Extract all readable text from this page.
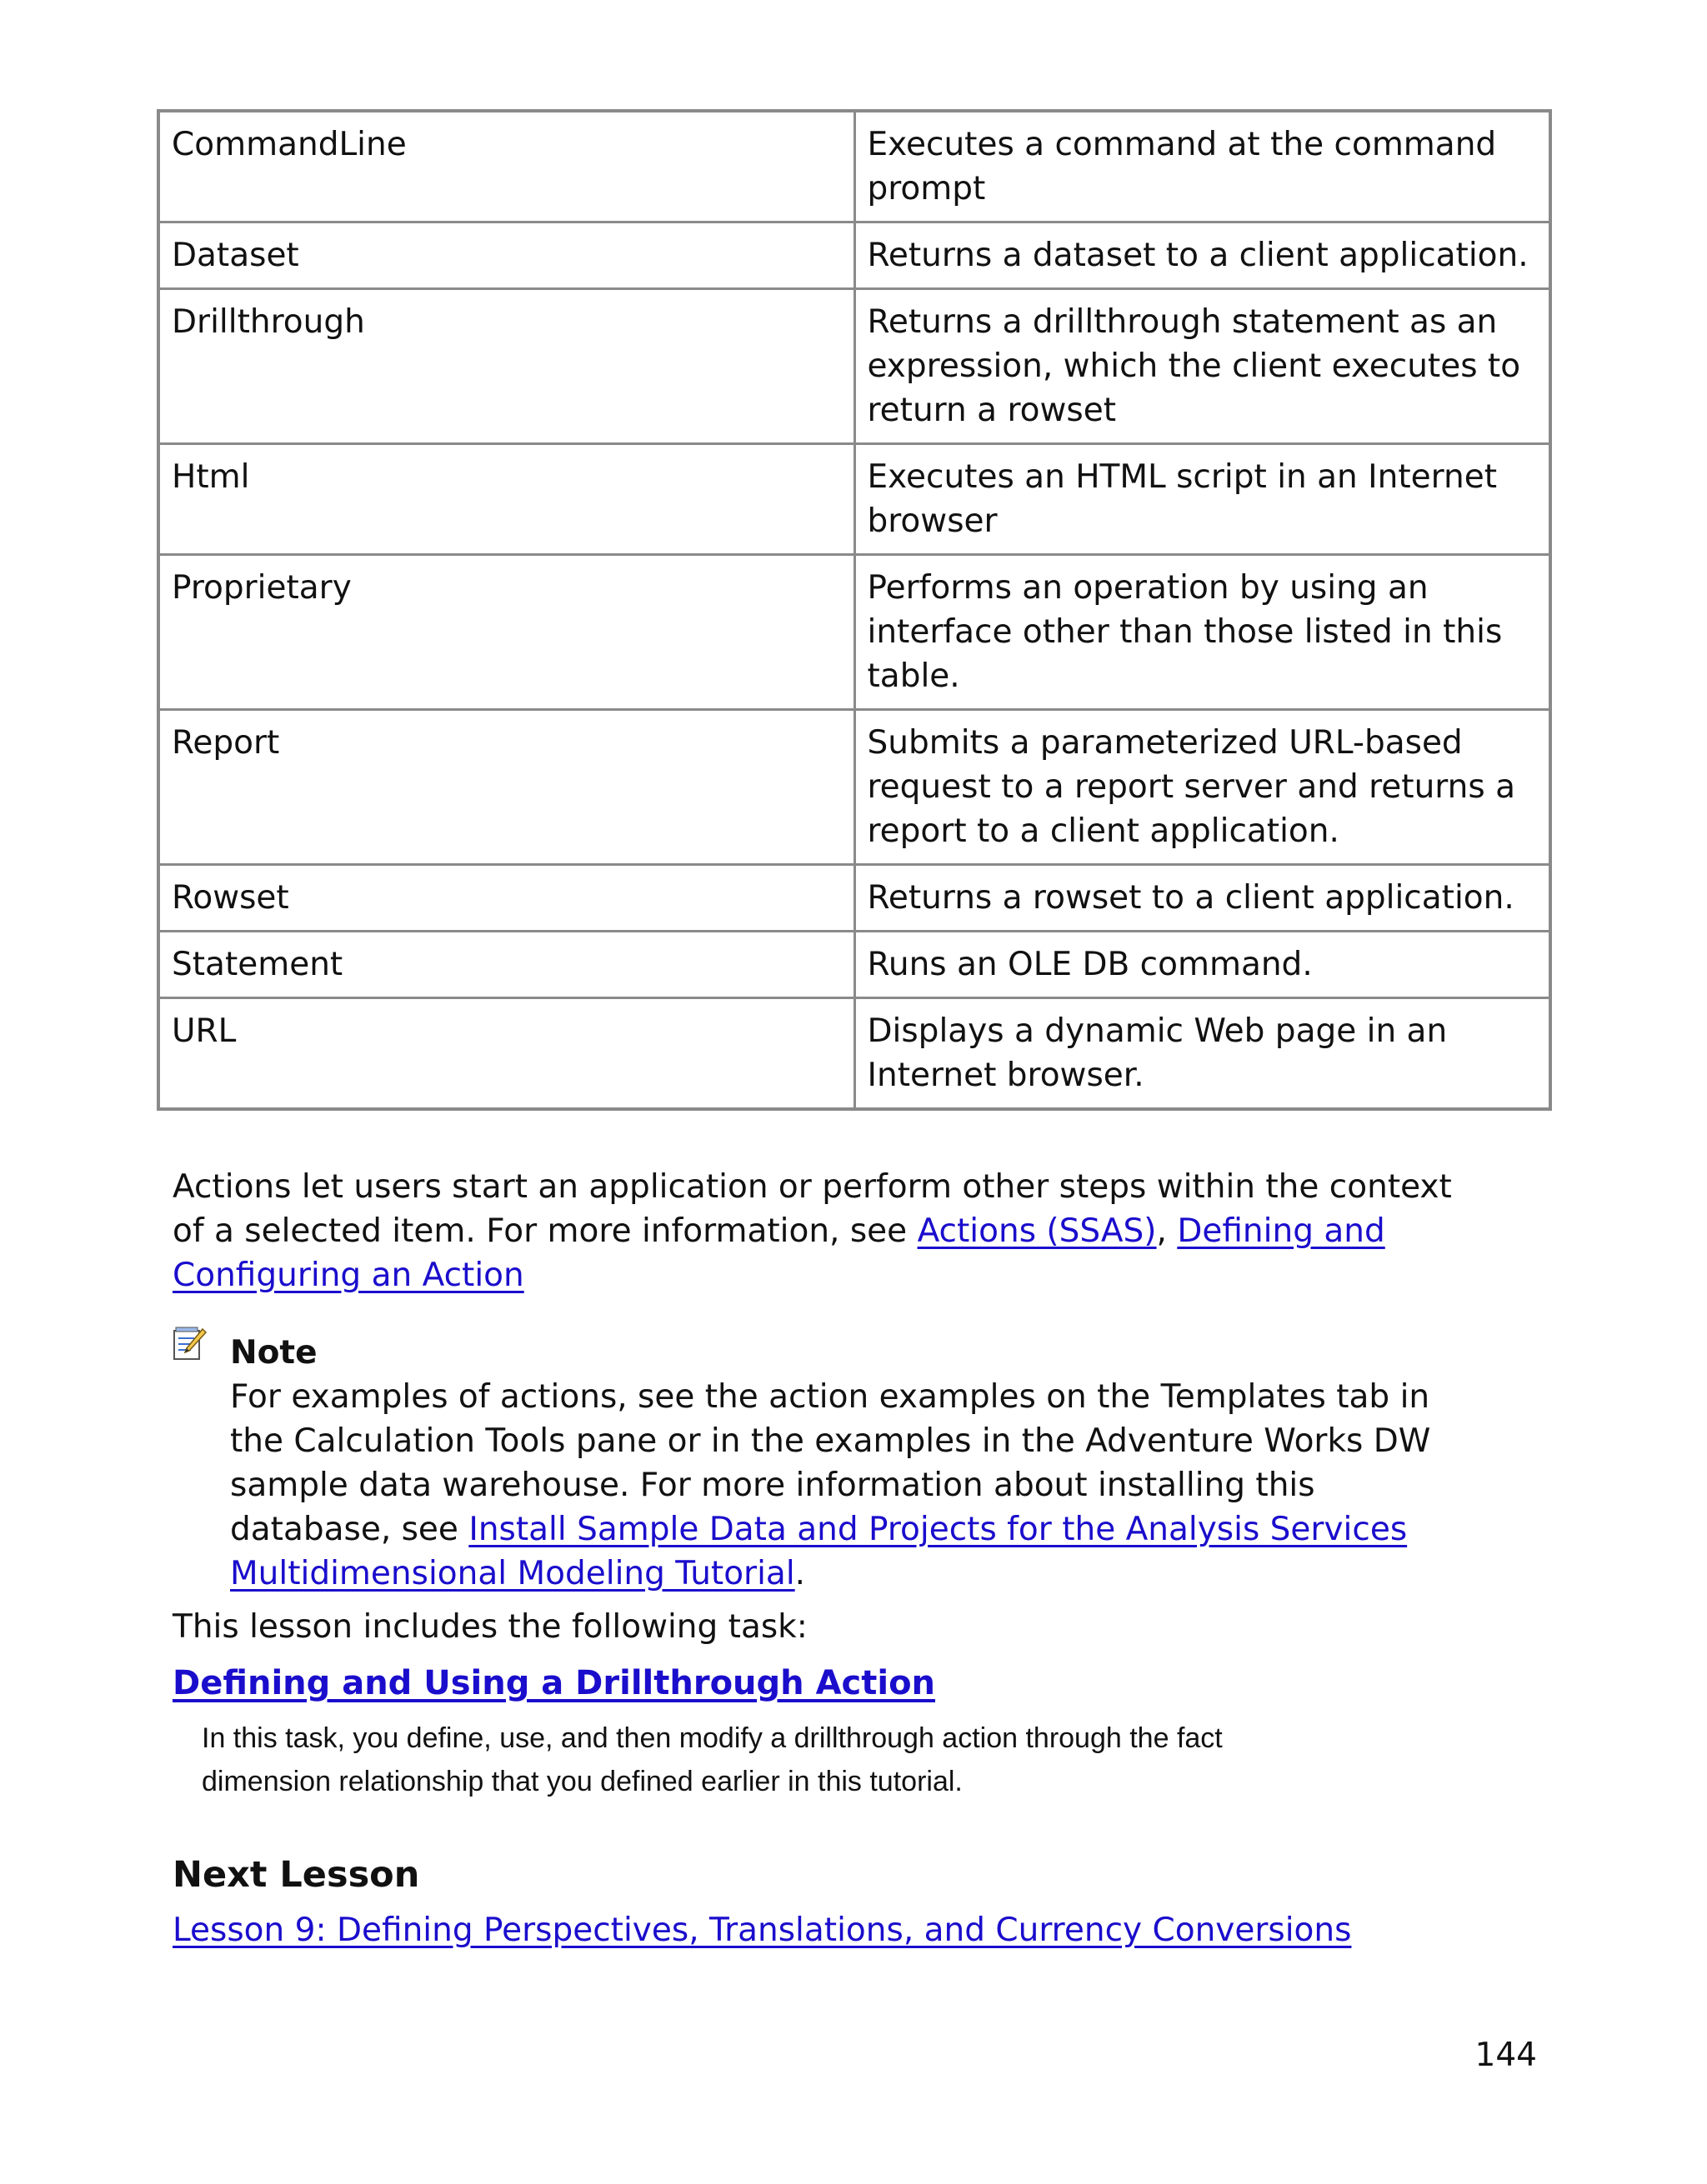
CommandLine	Executes a command at the command prompt
Dataset	Returns a dataset to a client application.
Drillthrough	Returns a drillthrough statement as an expression, which the client executes to return a rowset
Html	Executes an HTML script in an Internet browser
Proprietary	Performs an operation by using an interface other than those listed in this table.
Report	Submits a parameterized URL-based request to a report server and returns a report to a client application.
Rowset	Returns a rowset to a client application.
Statement	Runs an OLE DB command.
URL	Displays a dynamic Web page in an Internet browser.

Actions let users start an application or perform other steps within the context of a selected item. For more information, see Actions (SSAS), Defining and Configuring an Action

Note

For examples of actions, see the action examples on the Templates tab in the Calculation Tools pane or in the examples in the Adventure Works DW sample data warehouse. For more information about installing this database, see Install Sample Data and Projects for the Analysis Services Multidimensional Modeling Tutorial.

This lesson includes the following task:

Defining and Using a Drillthrough Action

In this task, you define, use, and then modify a drillthrough action through the fact dimension relationship that you defined earlier in this tutorial.

Next Lesson
Lesson 9: Defining Perspectives, Translations, and Currency Conversions
144
